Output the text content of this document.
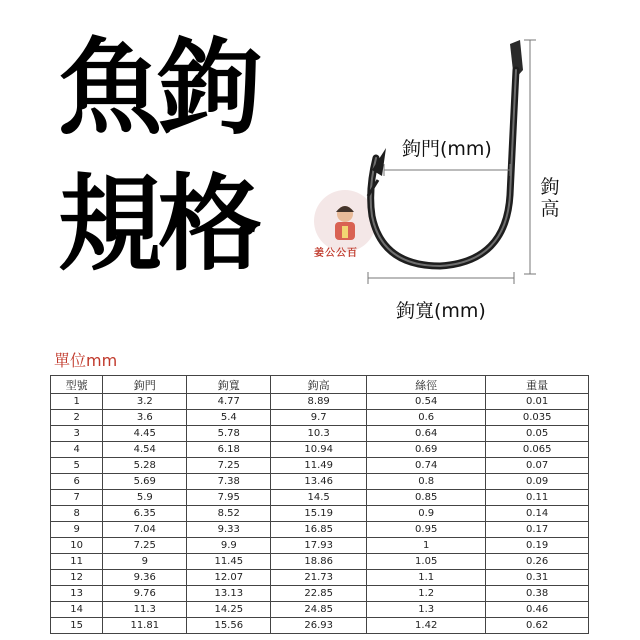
魚鉤
規格	姜公公百
鉤門(mm)
鉤寬(mm)
鉤高
單位mm
型號	鉤門	鉤寬	鉤高	絲徑	重量
1	3.2	4.77	8.89	0.54	0.01
2	3.6	5.4	9.7	0.6	0.035
3	4.45	5.78	10.3	0.64	0.05
4	4.54	6.18	10.94	0.69	0.065
5	5.28	7.25	11.49	0.74	0.07
6	5.69	7.38	13.46	0.8	0.09
7	5.9	7.95	14.5	0.85	0.11
8	6.35	8.52	15.19	0.9	0.14
9	7.04	9.33	16.85	0.95	0.17
10	7.25	9.9	17.93	1	0.19
11	9	11.45	18.86	1.05	0.26
12	9.36	12.07	21.73	1.1	0.31
13	9.76	13.13	22.85	1.2	0.38
14	11.3	14.25	24.85	1.3	0.46
15	11.81	15.56	26.93	1.42	0.62
